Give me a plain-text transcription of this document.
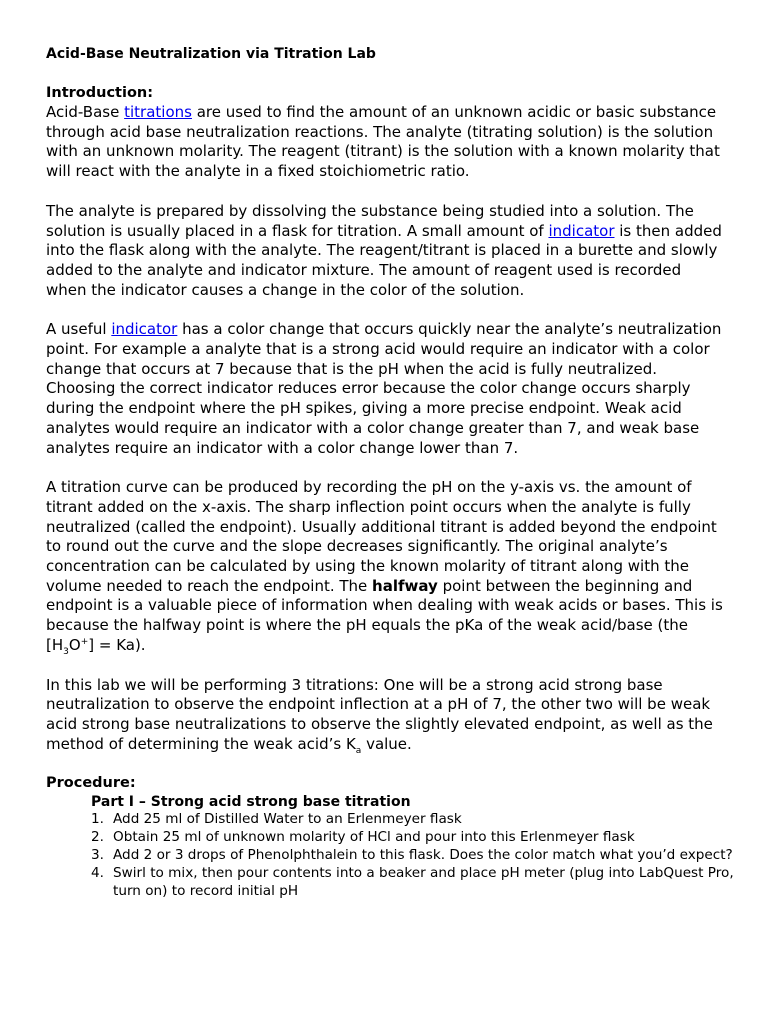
Acid-Base Neutralization via Titration Lab
Introduction:

Acid-Base titrations are used to find the amount of an unknown acidic or basic substance through acid base neutralization reactions. The analyte (titrating solution) is the solution with an unknown molarity. The reagent (titrant) is the solution with a known molarity that will react with the analyte in a fixed stoichiometric ratio.

The analyte is prepared by dissolving the substance being studied into a solution. The solution is usually placed in a flask for titration. A small amount of indicator is then added into the flask along with the analyte. The reagent/titrant is placed in a burette and slowly added to the analyte and indicator mixture. The amount of reagent used is recorded when the indicator causes a change in the color of the solution.

A useful indicator has a color change that occurs quickly near the analyte’s neutralization point. For example a analyte that is a strong acid would require an indicator with a color change that occurs at 7 because that is the pH when the acid is fully neutralized. Choosing the correct indicator reduces error because the color change occurs sharply during the endpoint where the pH spikes, giving a more precise endpoint. Weak acid analytes would require an indicator with a color change greater than 7, and weak base analytes require an indicator with a color change lower than 7.

A titration curve can be produced by recording the pH on the y-axis vs. the amount of titrant added on the x-axis. The sharp inflection point occurs when the analyte is fully neutralized (called the endpoint). Usually additional titrant is added beyond the endpoint to round out the curve and the slope decreases significantly. The original analyte’s concentration can be calculated by using the known molarity of titrant along with the volume needed to reach the endpoint. The halfway point between the beginning and endpoint is a valuable piece of information when dealing with weak acids or bases. This is because the halfway point is where the pH equals the pKa of the weak acid/base (the $[H_3O^+] = Ka$).

In this lab we will be performing 3 titrations: One will be a strong acid strong base neutralization to observe the endpoint inflection at a pH of 7, the other two will be weak acid strong base neutralizations to observe the slightly elevated endpoint, as well as the method of determining the weak acid’s $K_a$ value.

Procedure:
Part I – Strong acid strong base titration
1. Add 25 ml of Distilled Water to an Erlenmeyer flask
2. Obtain 25 ml of unknown molarity of HCl and pour into this Erlenmeyer flask
3. Add 2 or 3 drops of Phenolphthalein to this flask. Does the color match what you’d expect?
4. Swirl to mix, then pour contents into a beaker and place pH meter (plug into LabQuest Pro, turn on) to record initial pH
